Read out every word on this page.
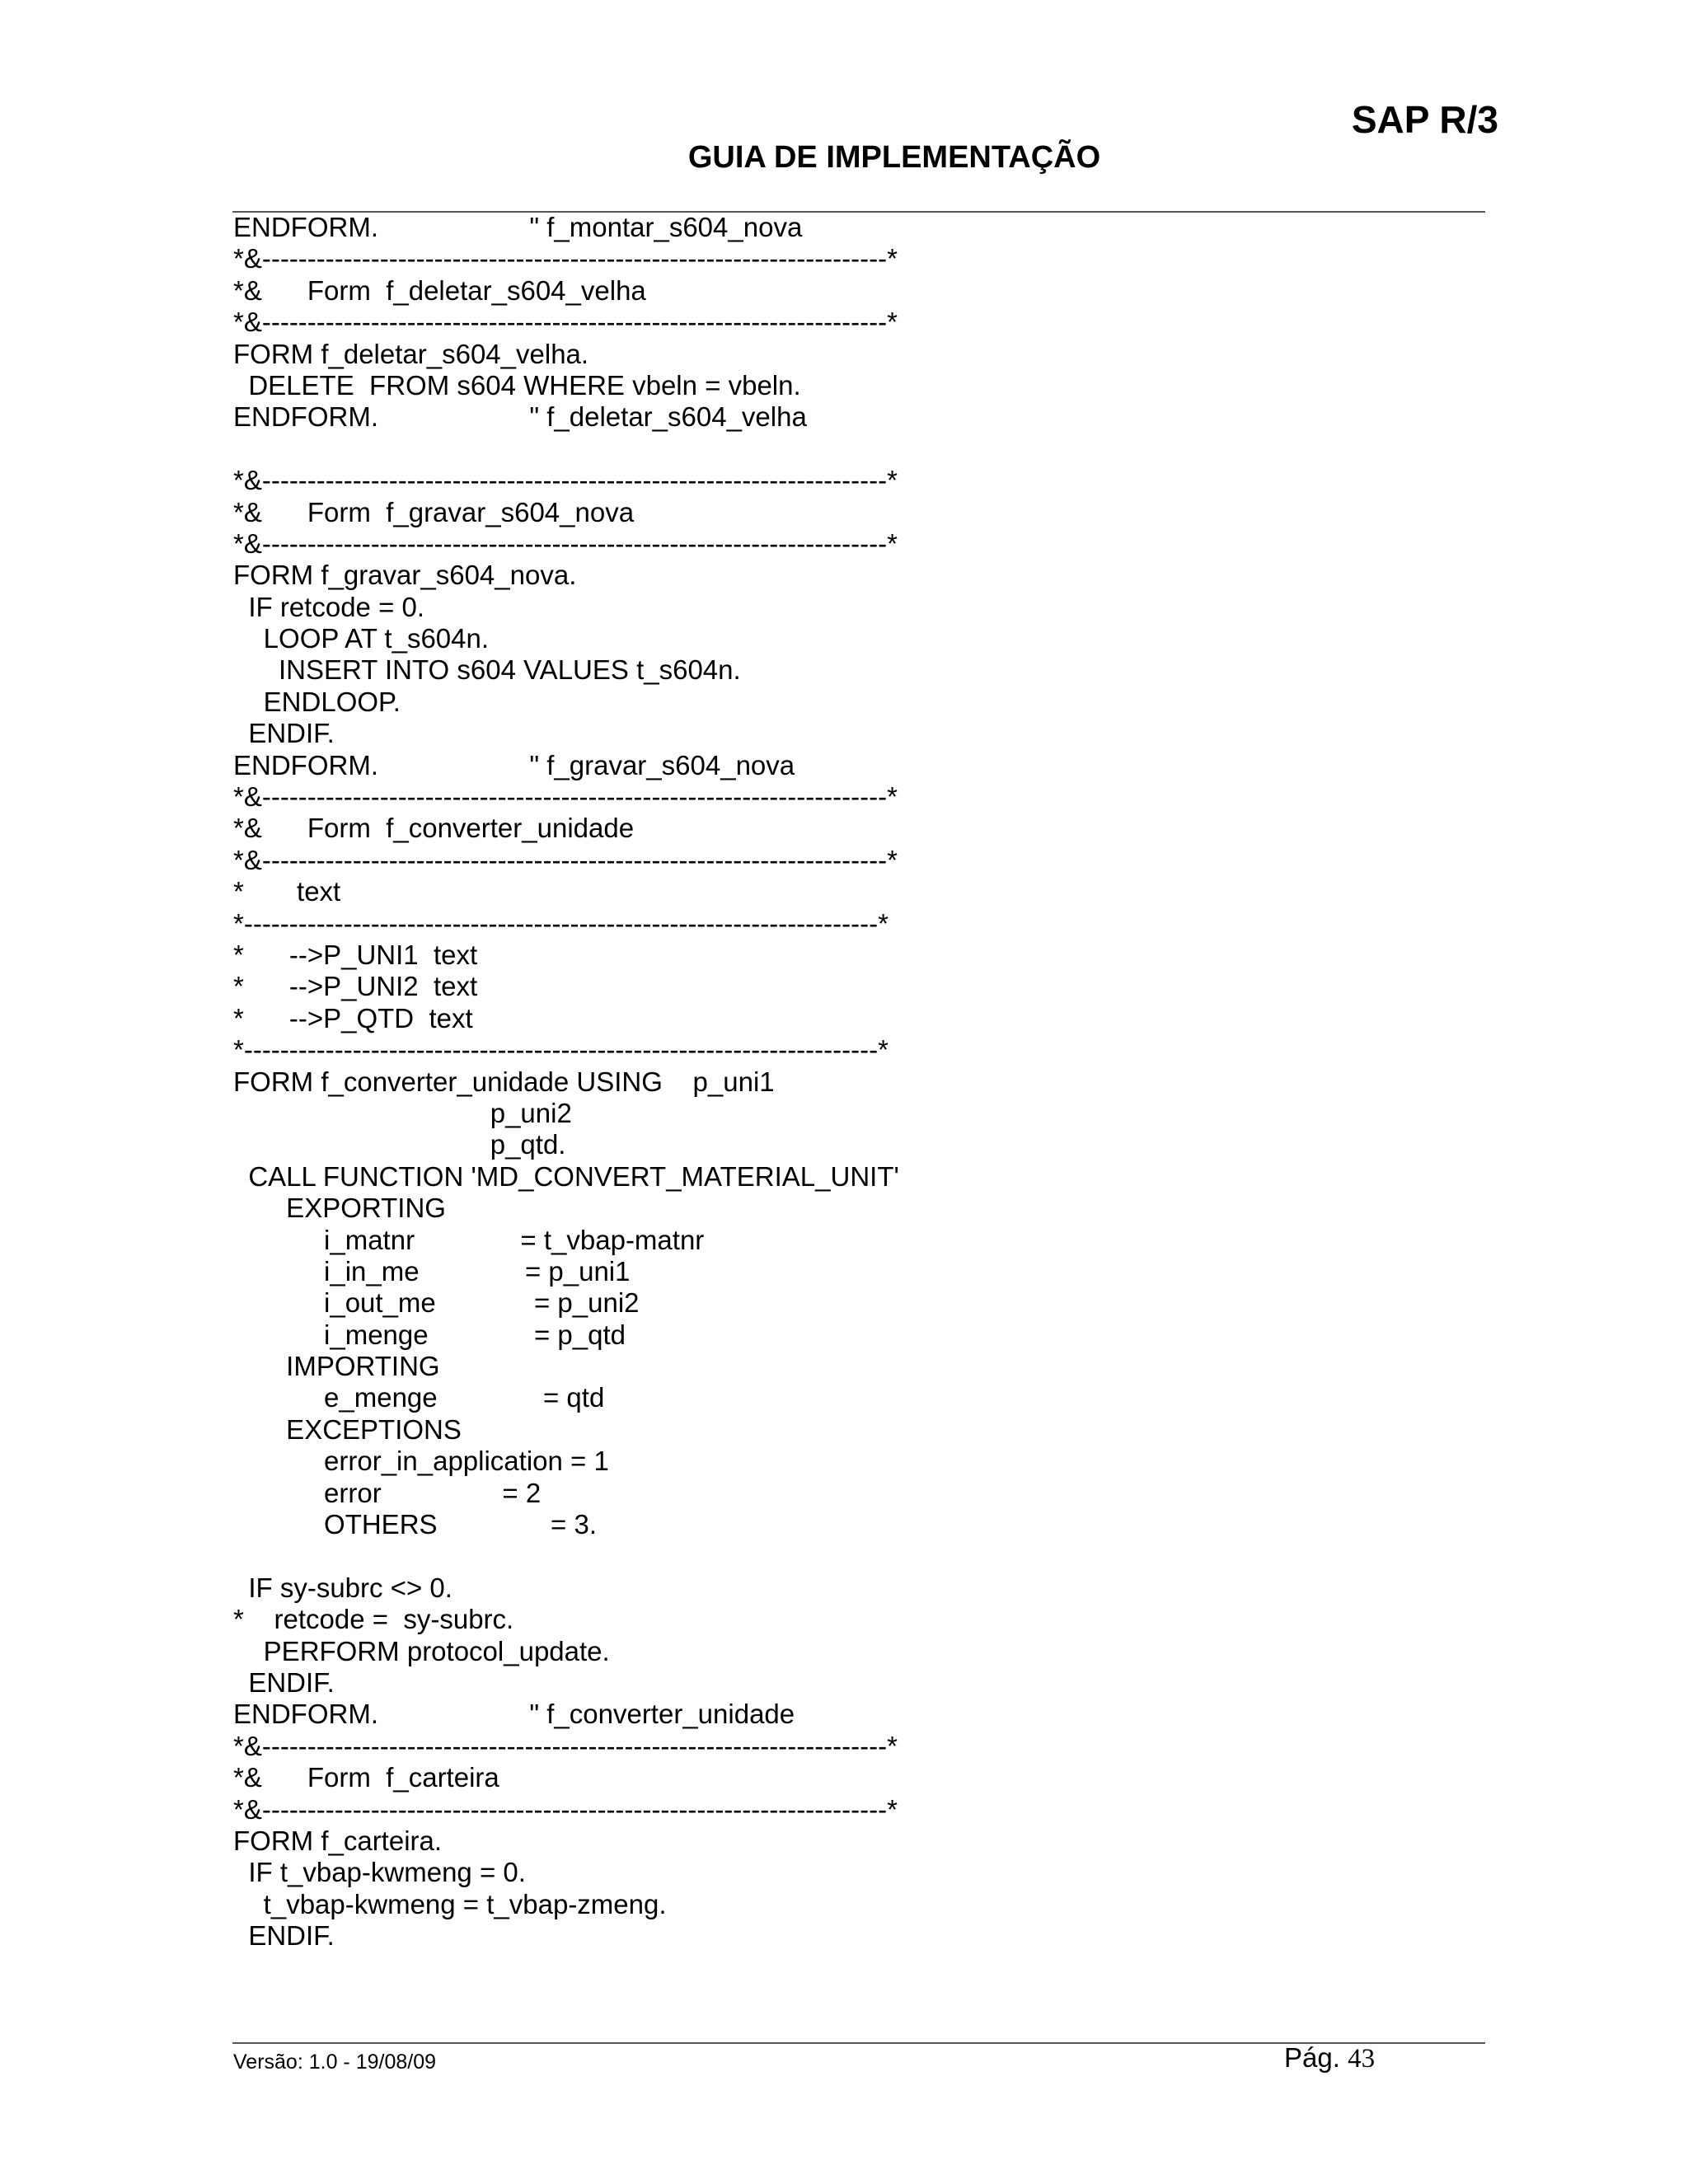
SAP R/3
GUIA DE IMPLEMENTAÇÃO
ENDFORM.                    " f_montar_s604_nova
*&---------------------------------------------------------------------*
*&      Form  f_deletar_s604_velha
*&---------------------------------------------------------------------*
FORM f_deletar_s604_velha.
DELETE  FROM s604 WHERE vbeln = vbeln.
ENDFORM.                    " f_deletar_s604_velha
*&---------------------------------------------------------------------*
*&      Form  f_gravar_s604_nova
*&---------------------------------------------------------------------*
FORM f_gravar_s604_nova.
IF retcode = 0.
LOOP AT t_s604n.
INSERT INTO s604 VALUES t_s604n.
ENDLOOP.
ENDIF.
ENDFORM.                    " f_gravar_s604_nova
*&---------------------------------------------------------------------*
*&      Form  f_converter_unidade
*&---------------------------------------------------------------------*
*       text
*----------------------------------------------------------------------*
*      -->P_UNI1  text
*      -->P_UNI2  text
*      -->P_QTD  text
*----------------------------------------------------------------------*
FORM f_converter_unidade USING    p_uni1
p_uni2
p_qtd.
CALL FUNCTION 'MD_CONVERT_MATERIAL_UNIT'
EXPORTING
i_matnr              = t_vbap-matnr
i_in_me              = p_uni1
i_out_me             = p_uni2
i_menge              = p_qtd
IMPORTING
e_menge              = qtd
EXCEPTIONS
error_in_application = 1
error                = 2
OTHERS               = 3.
IF sy-subrc <> 0.
*    retcode =  sy-subrc.
PERFORM protocol_update.
ENDIF.
ENDFORM.                    " f_converter_unidade
*&---------------------------------------------------------------------*
*&      Form  f_carteira
*&---------------------------------------------------------------------*
FORM f_carteira.
IF t_vbap-kwmeng = 0.
t_vbap-kwmeng = t_vbap-zmeng.
ENDIF.
Versão: 1.0 - 19/08/09	Pág. 43
